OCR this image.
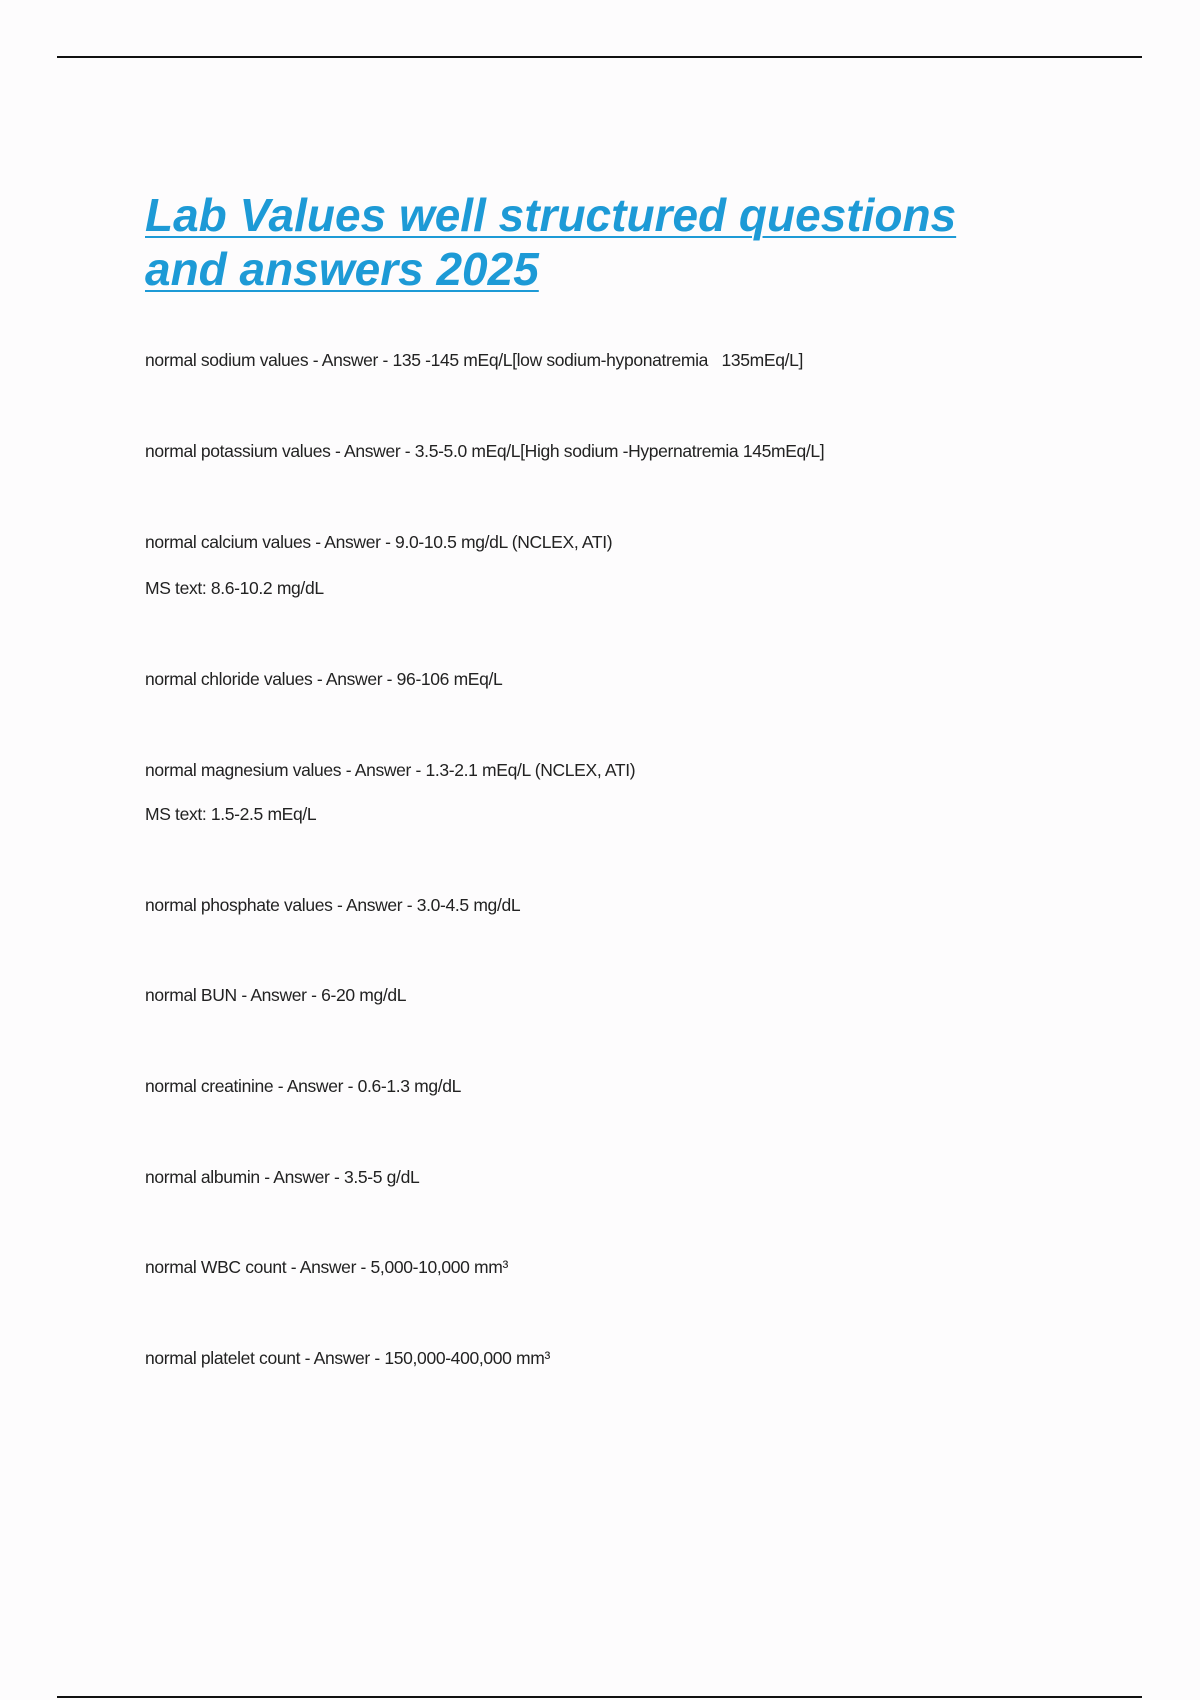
Lab Values well structured questions
and answers 2025
normal sodium values - Answer - 135 -145 mEq/L[low sodium-hyponatremia   135mEq/L]
normal potassium values - Answer - 3.5-5.0 mEq/L[High sodium -Hypernatremia 145mEq/L]
normal calcium values - Answer - 9.0-10.5 mg/dL (NCLEX, ATI)
MS text: 8.6-10.2 mg/dL
normal chloride values - Answer - 96-106 mEq/L
normal magnesium values - Answer - 1.3-2.1 mEq/L (NCLEX, ATI)
MS text: 1.5-2.5 mEq/L
normal phosphate values - Answer - 3.0-4.5 mg/dL
normal BUN - Answer - 6-20 mg/dL
normal creatinine - Answer - 0.6-1.3 mg/dL
normal albumin - Answer - 3.5-5 g/dL
normal WBC count - Answer - 5,000-10,000 mm³
normal platelet count - Answer - 150,000-400,000 mm³
